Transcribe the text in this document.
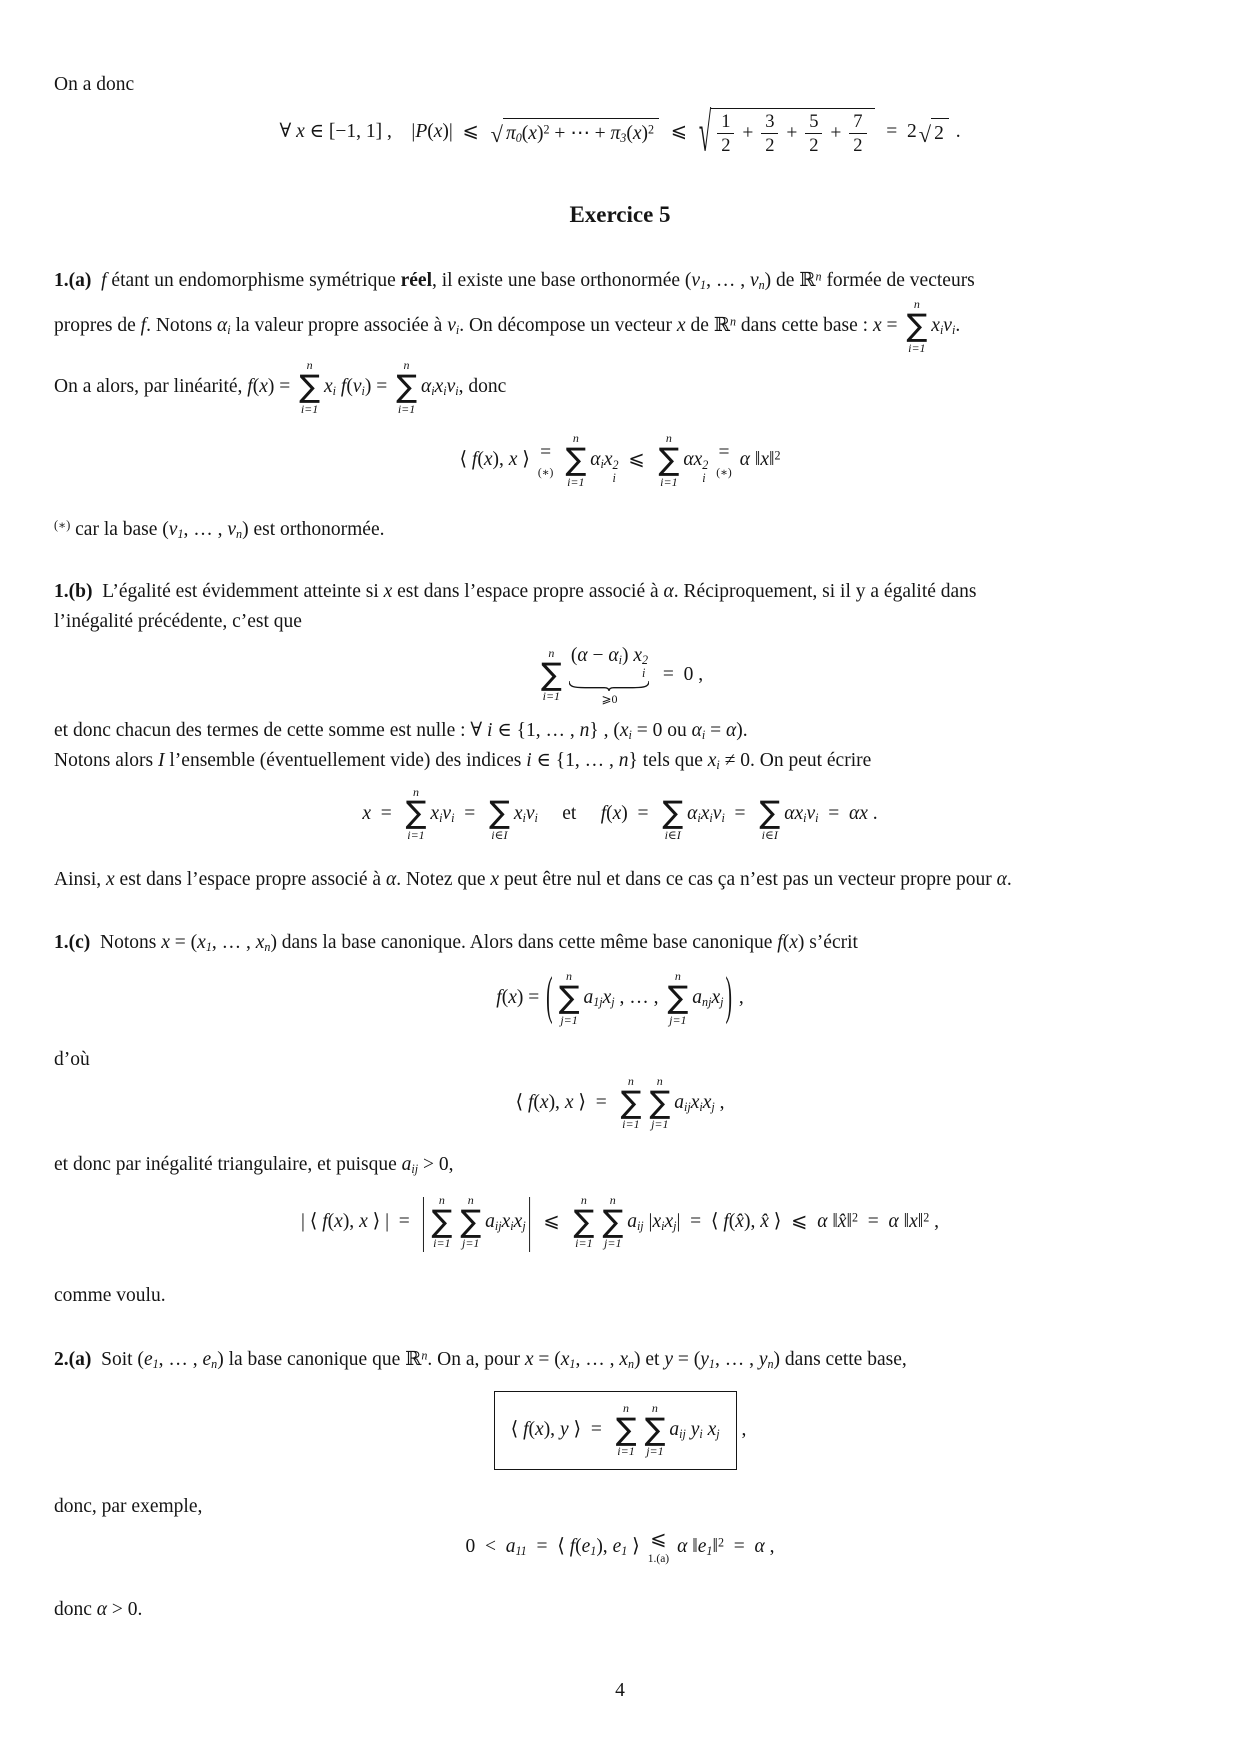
On a donc
∀ x ∈ [−1, 1] ,    |P(x)|  ⩽ √ $\pi_0(x)^2$ + ⋯ + $\pi_3(x)^2$ ⩽ √ $\frac{1}{2} + \frac{3}{2} + \frac{5}{2} + \frac{7}{2} = 2$ √ 2 .
Exercice 5
1.(a) f étant un endomorphisme symétrique réel, il existe une base orthonormée ($v_1$, … , $v_n$) de ℝ$^n$ formée de vecteurs
propres de f. Notons $\alpha_i$ la valeur propre associée à $v_i$. On décompose un vecteur x de ℝ$^n$ dans cette base : x =
n
∑
i=1
$x_iv_i$.
On a alors, par linéarité, f(x) =
n
∑
i=1
$x_i$ $f(v_i)$ =
n
∑
i=1
$\alpha_ix_iv_i$, donc
⟨ f(x), x ⟩ =
(∗)
n
∑
i=1
$\alpha_ix$ 2
i
⩽
n
∑
i=1
αx 2
i
=
(∗)
α ‖x‖$^2$
(∗) car la base ($v_1$, … , $v_n$) est orthonormée.
1.(b)  L’égalité est évidemment atteinte si x est dans l’espace propre associé à α. Réciproquement, si il y a égalité dans
l’inégalité précédente, c’est que
n
∑
i=1
$(\alpha - \alpha_i)$ x 2
i
⩾0
=  0 ,
et donc chacun des termes de cette somme est nulle : ∀ i ∈ {1, … , n} , ($x_i = 0$ ou $\alpha_i = \alpha$).
Notons alors I l’ensemble (éventuellement vide) des indices i ∈ {1, … , n} tels que $x_i \ne 0$. On peut écrire
x  =
n
∑
i=1
$x_iv_i$  = ∑
i∈I
$x_iv_i$     et     f(x)  = ∑
i∈I
$\alpha_ix_iv_i$  = ∑
i∈I
$\alpha x_iv_i = \alpha x$ .
Ainsi, x est dans l’espace propre associé à α. Notez que x peut être nul et dans ce cas ça n’est pas un vecteur propre pour α.
1.(c)  Notons $x = (x_1$, … , $x_n$) dans la base canonique. Alors dans cette même base canonique f(x) s’écrit
f(x) = ( n
∑
j=1
$a_{1j}x_j$ , … ,
n
∑
j=1
$a_{nj}x_j$ ) ,
d’où
⟨ f(x), x ⟩  =
n
∑
i=1
n
∑
j=1
$a_{ij}x_ix_j$ ,
et donc par inégalité triangulaire, et puisque $a_{ij} > 0$,
| ⟨ f(x), x ⟩ |  =  | n
∑
i=1
n
∑
j=1
$a_{ij}x_ix_j$ |  ⩽
n
∑
i=1
n
∑
j=1
$a_{ij}$ $|x_ix_j|$  =  ⟨ f(x̂), x̂ ⟩  ⩽  α ‖x̂‖$^2$  =  α ‖x‖$^2$ ,
comme voulu.
2.(a)  Soit ($e_1$, … , $e_n$) la base canonique que ℝ$^n$. On a, pour $x = (x_1$, … , $x_n$) et $y = (y_1$, … , $y_n$) dans cette base,
⟨ f(x), y ⟩  =
n
∑
i=1
n
∑
j=1
$a_{ij}$ $y_i$ $x_j$ ,
donc, par exemple,
$0 < a_{11}$  =  ⟨ $f(e_1)$, $e_1$ ⟩ ⩽
1.(a)
α $‖e_1‖^2 = \alpha$ ,
donc α > 0.
4
